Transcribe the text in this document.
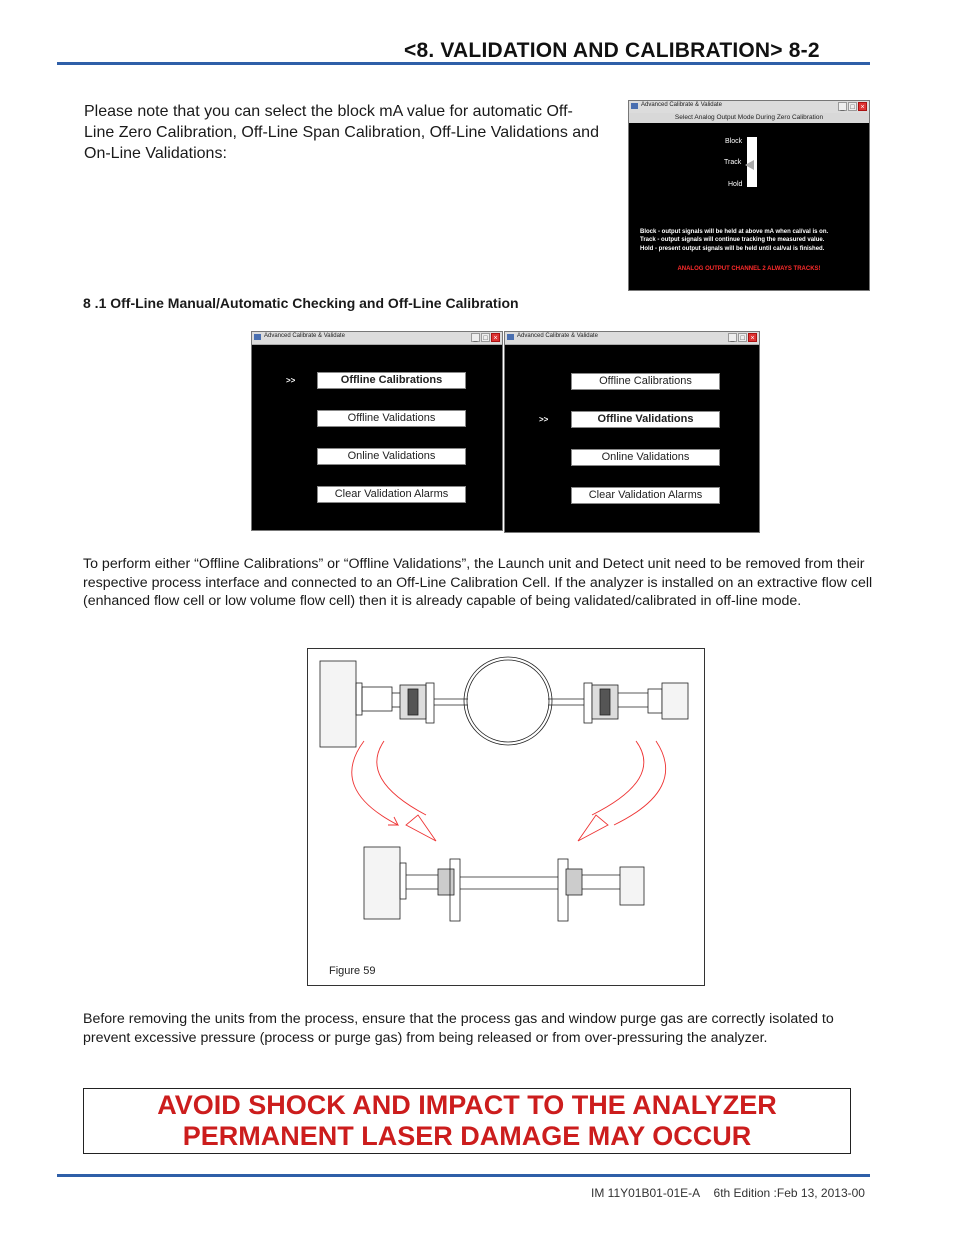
<8. VALIDATION AND CALIBRATION> 8-2
Please note that you can select the block mA value for automatic Off-Line Zero Calibration, Off-Line Span Calibration, Off-Line Validations and On-Line Validations:
Advanced Calibrate & Validate	_ □ ×
Select Analog Output Mode During Zero Calibration
Block
Track
Hold
Block - output signals will be held at above mA when cal/val is on.
Track - output signals will continue tracking the measured value.
Hold - present output signals will be held until cal/val is finished.
ANALOG OUTPUT CHANNEL 2 ALWAYS TRACKS!
8 .1 Off-Line Manual/Automatic Checking and Off-Line Calibration
Advanced Calibrate & Validate	_ □ ×
>>	Offline Calibrations
Offline Validations
Online Validations
Clear Validation Alarms
Advanced Calibrate & Validate	_ □ ×
Offline Calibrations
>>	Offline Validations
Online Validations
Clear Validation Alarms
To perform either “Offline Calibrations” or “Offline Validations”, the Launch unit and Detect unit need to be removed from their respective process interface and connected to an Off-Line Calibration Cell. If the analyzer is installed on an extractive flow cell (enhanced flow cell or low volume flow cell) then it is already capable of being validated/calibrated in off-line mode.
Figure 59
Before removing the units from the process, ensure that the process gas and window purge gas are correctly isolated to prevent excessive pressure (process or purge gas) from being released or from over-pressuring the analyzer.
AVOID SHOCK AND IMPACT TO THE ANALYZER
PERMANENT LASER DAMAGE MAY OCCUR
IM 11Y01B01-01E-A 6th Edition :Feb 13, 2013-00
